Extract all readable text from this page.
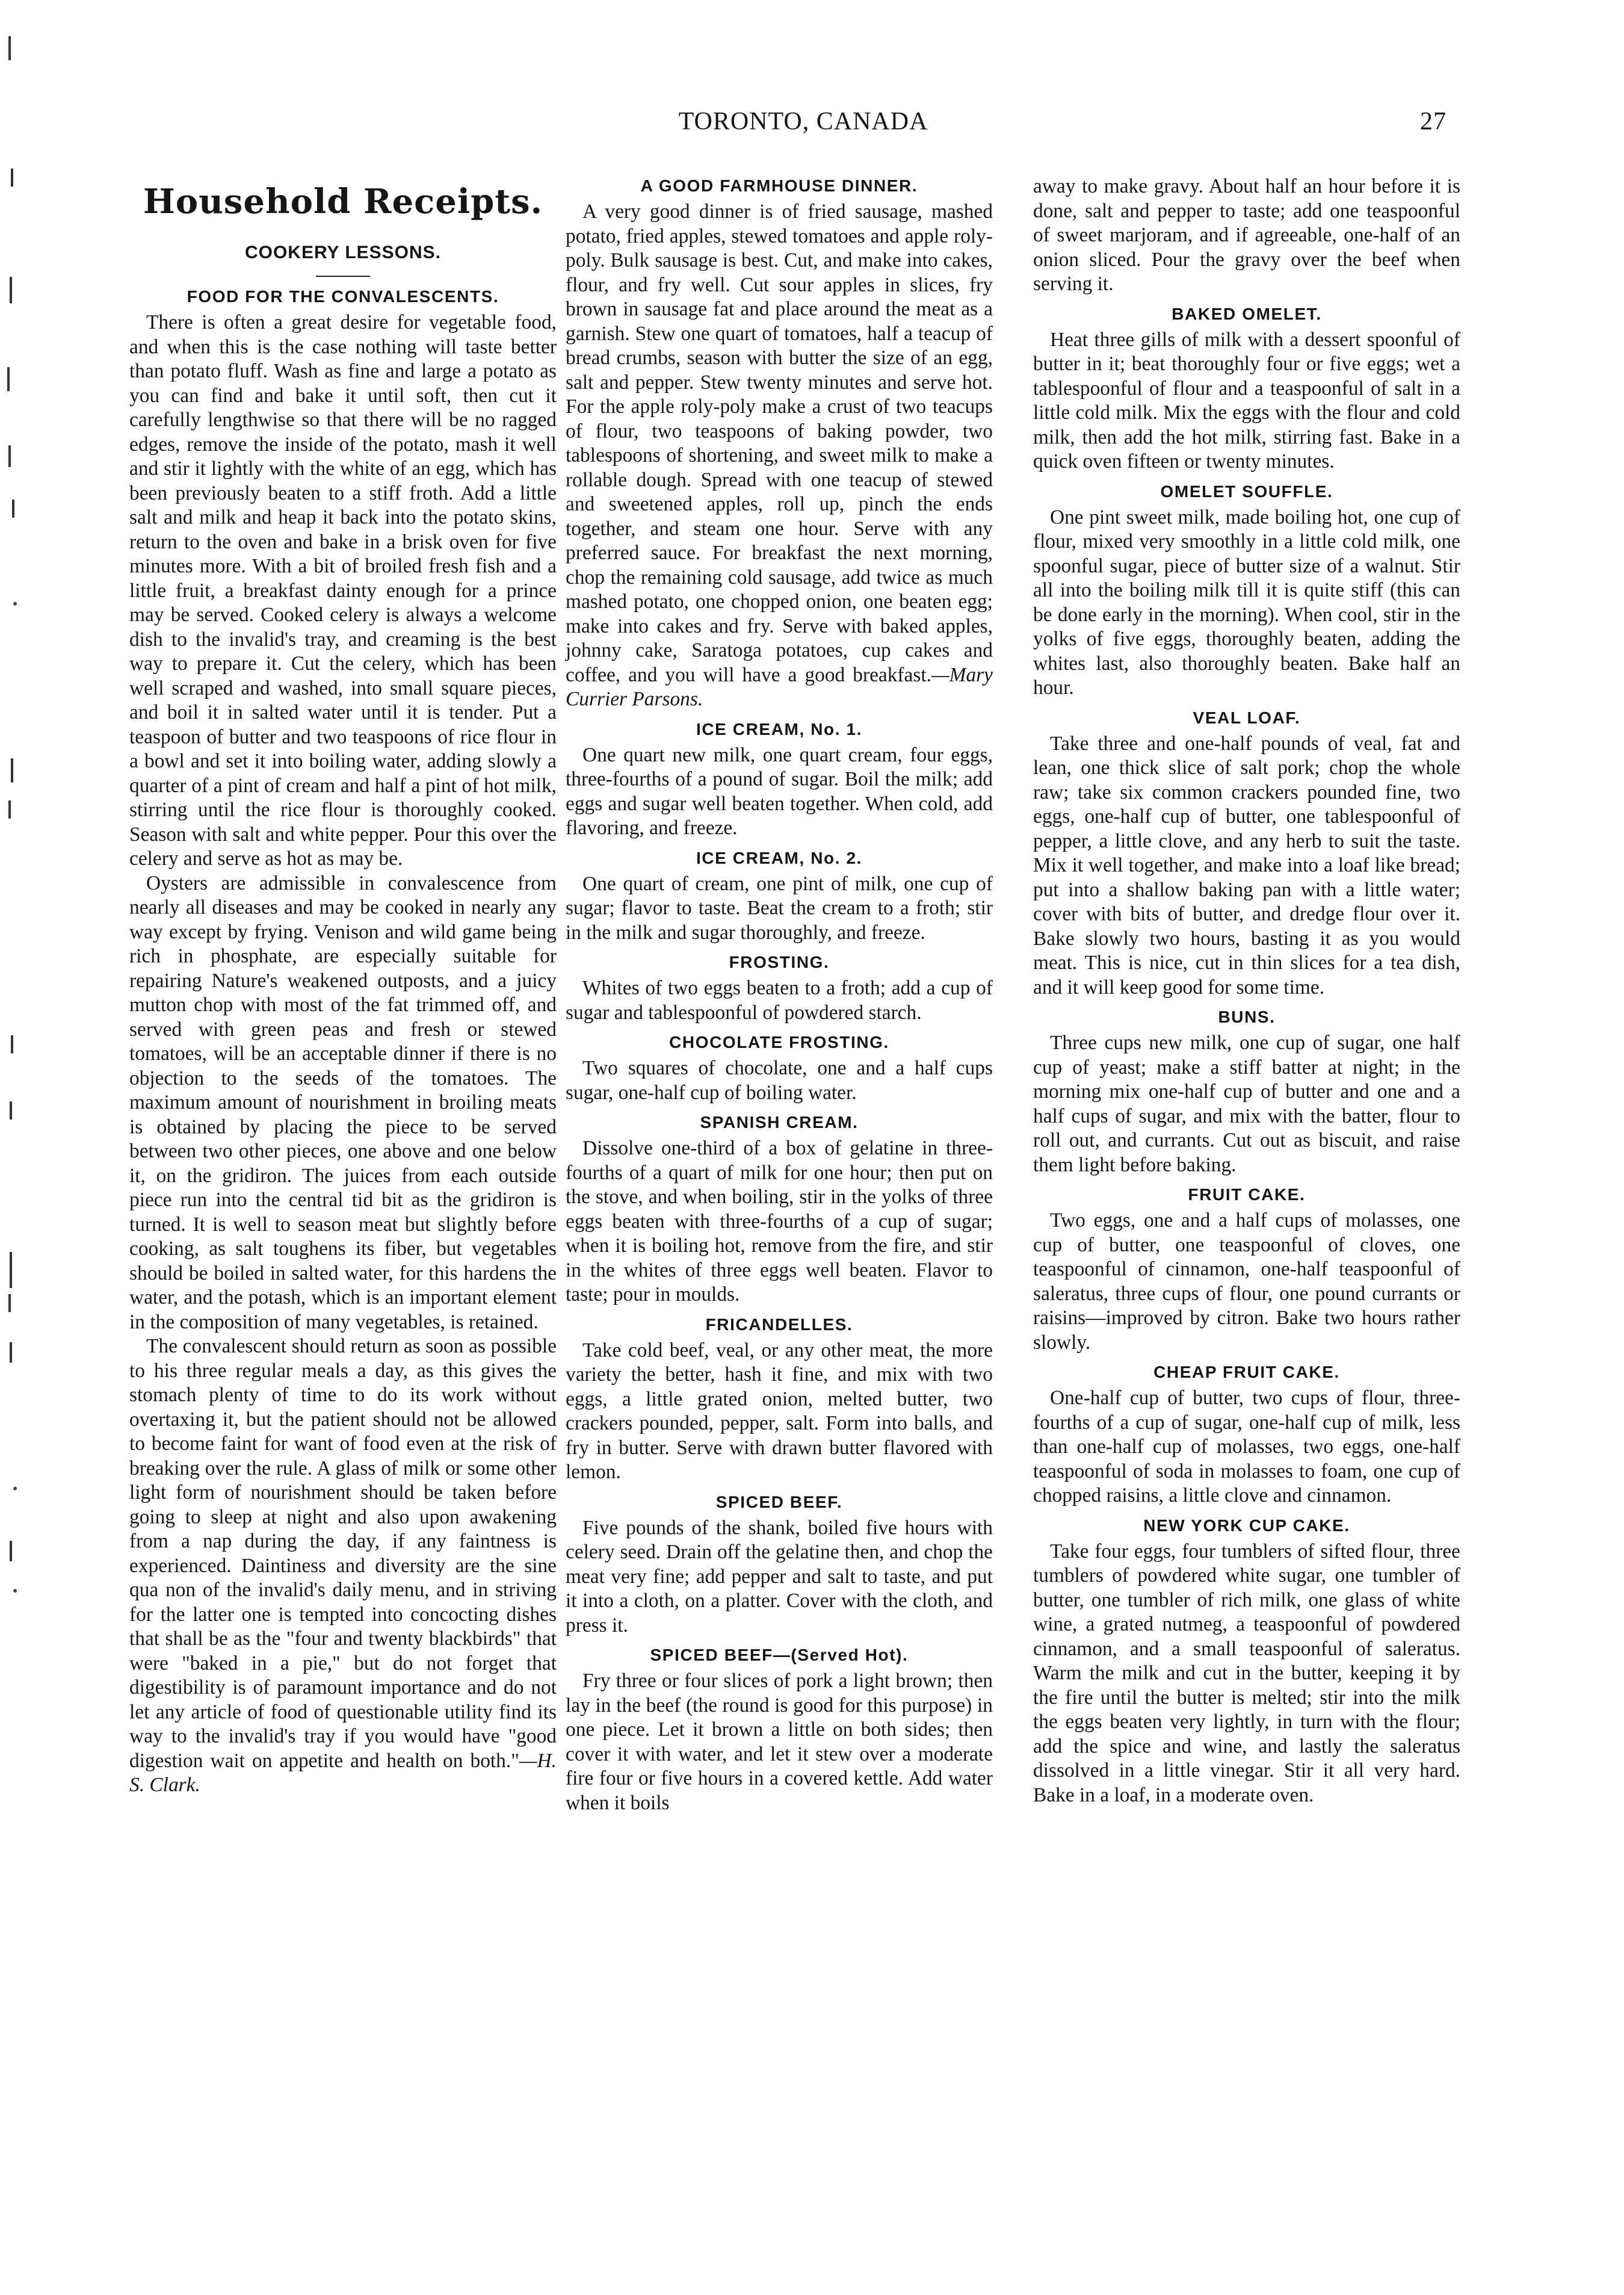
TORONTO, CANADA	27
Household Receipts.
COOKERY LESSONS.
FOOD FOR THE CONVALESCENTS.

There is often a great desire for vegetable food, and when this is the case nothing will taste better than potato fluff. Wash as fine and large a potato as you can find and bake it until soft, then cut it carefully lengthwise so that there will be no ragged edges, remove the inside of the potato, mash it well and stir it lightly with the white of an egg, which has been previously beaten to a stiff froth. Add a little salt and milk and heap it back into the potato skins, return to the oven and bake in a brisk oven for five minutes more. With a bit of broiled fresh fish and a little fruit, a breakfast dainty enough for a prince may be served. Cooked celery is always a welcome dish to the invalid's tray, and creaming is the best way to prepare it. Cut the celery, which has been well scraped and washed, into small square pieces, and boil it in salted water until it is tender. Put a teaspoon of butter and two teaspoons of rice flour in a bowl and set it into boiling water, adding slowly a quarter of a pint of cream and half a pint of hot milk, stirring until the rice flour is thoroughly cooked. Season with salt and white pepper. Pour this over the celery and serve as hot as may be.

Oysters are admissible in convalescence from nearly all diseases and may be cooked in nearly any way except by frying. Venison and wild game being rich in phosphate, are especially suitable for repairing Nature's weakened outposts, and a juicy mutton chop with most of the fat trimmed off, and served with green peas and fresh or stewed tomatoes, will be an acceptable dinner if there is no objection to the seeds of the tomatoes. The maximum amount of nourishment in broiling meats is obtained by placing the piece to be served between two other pieces, one above and one below it, on the gridiron. The juices from each outside piece run into the central tid bit as the gridiron is turned. It is well to season meat but slightly before cooking, as salt toughens its fiber, but vegetables should be boiled in salted water, for this hardens the water, and the potash, which is an important element in the composition of many vegetables, is retained.

The convalescent should return as soon as possible to his three regular meals a day, as this gives the stomach plenty of time to do its work without overtaxing it, but the patient should not be allowed to become faint for want of food even at the risk of breaking over the rule. A glass of milk or some other light form of nourishment should be taken before going to sleep at night and also upon awakening from a nap during the day, if any faintness is experienced. Daintiness and diversity are the sine qua non of the invalid's daily menu, and in striving for the latter one is tempted into concocting dishes that shall be as the "four and twenty blackbirds" that were "baked in a pie," but do not forget that digestibility is of paramount importance and do not let any article of food of questionable utility find its way to the invalid's tray if you would have "good digestion wait on appetite and health on both."—H. S. Clark.

A GOOD FARMHOUSE DINNER.

A very good dinner is of fried sausage, mashed potato, fried apples, stewed tomatoes and apple roly-poly. Bulk sausage is best. Cut, and make into cakes, flour, and fry well. Cut sour apples in slices, fry brown in sausage fat and place around the meat as a garnish. Stew one quart of tomatoes, half a teacup of bread crumbs, season with butter the size of an egg, salt and pepper. Stew twenty minutes and serve hot. For the apple roly-poly make a crust of two teacups of flour, two teaspoons of baking powder, two tablespoons of shortening, and sweet milk to make a rollable dough. Spread with one teacup of stewed and sweetened apples, roll up, pinch the ends together, and steam one hour. Serve with any preferred sauce. For breakfast the next morning, chop the remaining cold sausage, add twice as much mashed potato, one chopped onion, one beaten egg; make into cakes and fry. Serve with baked apples, johnny cake, Saratoga potatoes, cup cakes and coffee, and you will have a good breakfast.—Mary Currier Parsons.

ICE CREAM, No. 1.

One quart new milk, one quart cream, four eggs, three-fourths of a pound of sugar. Boil the milk; add eggs and sugar well beaten together. When cold, add flavoring, and freeze.

ICE CREAM, No. 2.

One quart of cream, one pint of milk, one cup of sugar; flavor to taste. Beat the cream to a froth; stir in the milk and sugar thoroughly, and freeze.

FROSTING.

Whites of two eggs beaten to a froth; add a cup of sugar and tablespoonful of powdered starch.

CHOCOLATE FROSTING.

Two squares of chocolate, one and a half cups sugar, one-half cup of boiling water.

SPANISH CREAM.

Dissolve one-third of a box of gelatine in three-fourths of a quart of milk for one hour; then put on the stove, and when boiling, stir in the yolks of three eggs beaten with three-fourths of a cup of sugar; when it is boiling hot, remove from the fire, and stir in the whites of three eggs well beaten. Flavor to taste; pour in moulds.

FRICANDELLES.

Take cold beef, veal, or any other meat, the more variety the better, hash it fine, and mix with two eggs, a little grated onion, melted butter, two crackers pounded, pepper, salt. Form into balls, and fry in butter. Serve with drawn butter flavored with lemon.

SPICED BEEF.

Five pounds of the shank, boiled five hours with celery seed. Drain off the gelatine then, and chop the meat very fine; add pepper and salt to taste, and put it into a cloth, on a platter. Cover with the cloth, and press it.

SPICED BEEF—(Served Hot).

Fry three or four slices of pork a light brown; then lay in the beef (the round is good for this purpose) in one piece. Let it brown a little on both sides; then cover it with water, and let it stew over a moderate fire four or five hours in a covered kettle. Add water when it boils

away to make gravy. About half an hour before it is done, salt and pepper to taste; add one teaspoonful of sweet marjoram, and if agreeable, one-half of an onion sliced. Pour the gravy over the beef when serving it.

BAKED OMELET.

Heat three gills of milk with a dessert spoonful of butter in it; beat thoroughly four or five eggs; wet a tablespoonful of flour and a teaspoonful of salt in a little cold milk. Mix the eggs with the flour and cold milk, then add the hot milk, stirring fast. Bake in a quick oven fifteen or twenty minutes.

OMELET SOUFFLE.

One pint sweet milk, made boiling hot, one cup of flour, mixed very smoothly in a little cold milk, one spoonful sugar, piece of butter size of a walnut. Stir all into the boiling milk till it is quite stiff (this can be done early in the morning). When cool, stir in the yolks of five eggs, thoroughly beaten, adding the whites last, also thoroughly beaten. Bake half an hour.

VEAL LOAF.

Take three and one-half pounds of veal, fat and lean, one thick slice of salt pork; chop the whole raw; take six common crackers pounded fine, two eggs, one-half cup of butter, one tablespoonful of pepper, a little clove, and any herb to suit the taste. Mix it well together, and make into a loaf like bread; put into a shallow baking pan with a little water; cover with bits of butter, and dredge flour over it. Bake slowly two hours, basting it as you would meat. This is nice, cut in thin slices for a tea dish, and it will keep good for some time.

BUNS.

Three cups new milk, one cup of sugar, one half cup of yeast; make a stiff batter at night; in the morning mix one-half cup of butter and one and a half cups of sugar, and mix with the batter, flour to roll out, and currants. Cut out as biscuit, and raise them light before baking.

FRUIT CAKE.

Two eggs, one and a half cups of molasses, one cup of butter, one teaspoonful of cloves, one teaspoonful of cinnamon, one-half teaspoonful of saleratus, three cups of flour, one pound currants or raisins—improved by citron. Bake two hours rather slowly.

CHEAP FRUIT CAKE.

One-half cup of butter, two cups of flour, three-fourths of a cup of sugar, one-half cup of milk, less than one-half cup of molasses, two eggs, one-half teaspoonful of soda in molasses to foam, one cup of chopped raisins, a little clove and cinnamon.

NEW YORK CUP CAKE.

Take four eggs, four tumblers of sifted flour, three tumblers of powdered white sugar, one tumbler of butter, one tumbler of rich milk, one glass of white wine, a grated nutmeg, a teaspoonful of powdered cinnamon, and a small teaspoonful of saleratus. Warm the milk and cut in the butter, keeping it by the fire until the butter is melted; stir into the milk the eggs beaten very lightly, in turn with the flour; add the spice and wine, and lastly the saleratus dissolved in a little vinegar. Stir it all very hard. Bake in a loaf, in a moderate oven.
